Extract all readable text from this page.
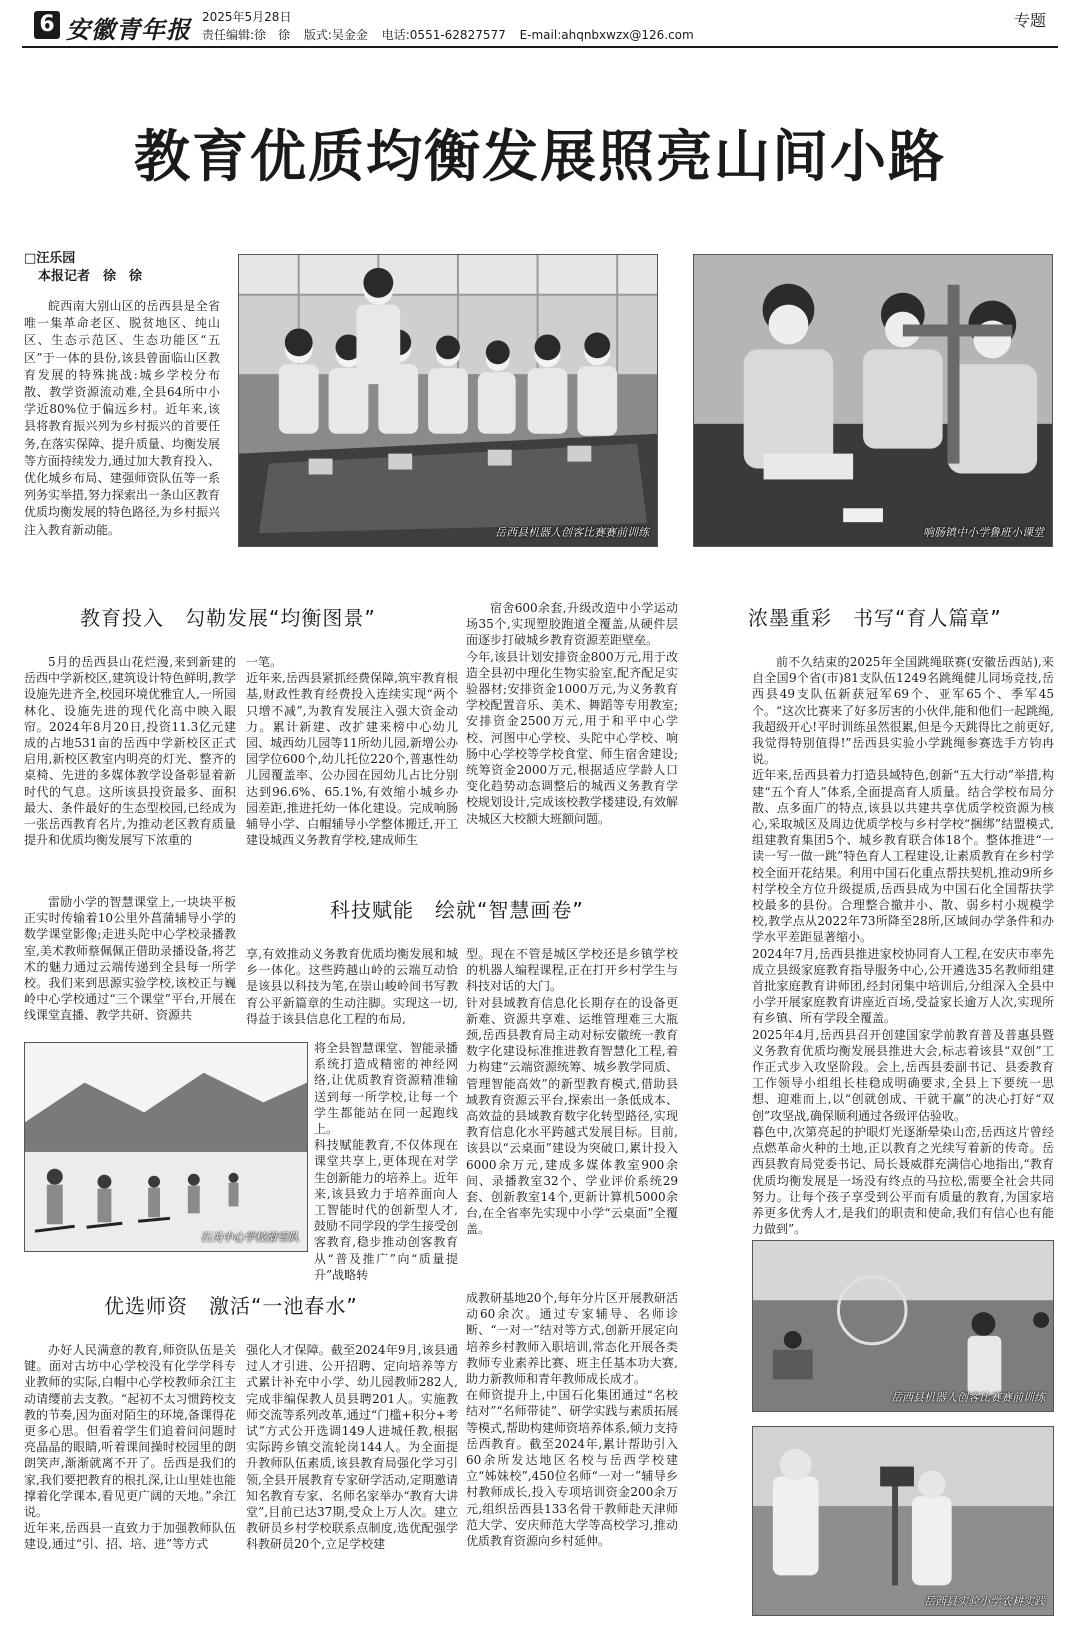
6 安徽青年报 2025年5月28日
责任编辑:徐　徐 版式:吴金金 电话:0551-62827577 E-mail:ahqnbxwzx@126.com
专题
教育优质均衡发展照亮山间小路
□汪乐园
本报记者　徐　徐
皖西南大别山区的岳西县是全省唯一集革命老区、脱贫地区、纯山区、生态示范区、生态功能区“五区”于一体的县份,该县曾面临山区教育发展的特殊挑战:城乡学校分布散、教学资源流动难,全县64所中小学近80%位于偏远乡村。近年来,该县将教育振兴列为乡村振兴的首要任务,在落实保障、提升质量、均衡发展等方面持续发力,通过加大教育投入、优化城乡布局、建强师资队伍等一系列务实举措,努力探索出一条山区教育优质均衡发展的特色路径,为乡村振兴注入教育新动能。	岳西县机器人创客比赛赛前训练	响肠镇中小学鲁班小课堂
教育投入　勾勒发展“均衡图景”

5月的岳西县山花烂漫,来到新建的岳西中学新校区,建筑设计特色鲜明,教学设施先进齐全,校园环境优雅宜人,一所园林化、设施先进的现代化高中映入眼帘。2024年8月20日,投资11.3亿元建成的占地531亩的岳西中学新校区正式启用,新校区教室内明亮的灯光、整齐的桌椅、先进的多媒体教学设备彰显着新时代的气息。这所该县投资最多、面积最大、条件最好的生态型校园,已经成为一张岳西教育名片,为推动老区教育质量提升和优质均衡发展写下浓重的

一笔。
近年来,岳西县紧抓经费保障,筑牢教育根基,财政性教育经费投入连续实现“两个只增不减”,为教育发展注入强大资金动力。累计新建、改扩建来榜中心幼儿园、城西幼儿园等11所幼儿园,新增公办园学位600个,幼儿托位220个,普惠性幼儿园覆盖率、公办园在园幼儿占比分别达到96.6%、65.1%,有效缩小城乡办园差距,推进托幼一体化建设。完成响肠辅导小学、白帽辅导小学整体搬迁,开工建设城西义务教育学校,建成师生
宿舍600余套,升级改造中小学运动场35个,实现塑胶跑道全覆盖,从硬件层面逐步打破城乡教育资源差距壁垒。
今年,该县计划安排资金800万元,用于改造全县初中理化生物实验室,配齐配足实验器材;安排资金1000万元,为义务教育学校配置音乐、美术、舞蹈等专用教室;安排资金2500万元,用于和平中心学校、河图中心学校、头陀中心学校、响肠中心学校等学校食堂、师生宿舍建设;统筹资金2000万元,根据适应学龄人口变化趋势动态调整后的城西义务教育学校规划设计,完成该校教学楼建设,有效解决城区大校额大班额问题。
浓墨重彩　书写“育人篇章”
前不久结束的2025年全国跳绳联赛(安徽岳西站),来自全国9个省(市)81支队伍1249名跳绳健儿同场竞技,岳西县49支队伍新获冠军69个、亚军65个、季军45个。“这次比赛来了好多厉害的小伙伴,能和他们一起跳绳,我超级开心!平时训练虽然很累,但是今天跳得比之前更好,我觉得特别值得!”岳西县实验小学跳绳参赛选手方钧冉说。
近年来,岳西县着力打造县域特色,创新“五大行动”举措,构建“五个育人”体系,全面提高育人质量。结合学校布局分散、点多面广的特点,该县以共建共享优质学校资源为核心,采取城区及周边优质学校与乡村学校“捆绑”结盟模式,组建教育集团5个、城乡教育联合体18个。整体推进“一读一写一做一跳”特色育人工程建设,让素质教育在乡村学校全面开花结果。利用中国石化重点帮扶契机,推动9所乡村学校全方位升级提质,岳西县成为中国石化全国帮扶学校最多的县份。合理整合撤并小、散、弱乡村小规模学校,教学点从2022年73所降至28所,区域间办学条件和办学水平差距显著缩小。
2024年7月,岳西县推进家校协同育人工程,在安庆市率先成立县级家庭教育指导服务中心,公开遴选35名教师组建首批家庭教育讲师团,经封闭集中培训后,分组深入全县中小学开展家庭教育讲座近百场,受益家长逾万人次,实现所有乡镇、所有学段全覆盖。
2025年4月,岳西县召开创建国家学前教育普及普惠县暨义务教育优质均衡发展县推进大会,标志着该县“双创”工作正式步入攻坚阶段。会上,岳西县委副书记、县委教育工作领导小组组长桂稳成明确要求,全县上下要统一思想、迎难而上,以“创就创成、干就干赢”的决心打好“双创”攻坚战,确保顺利通过各级评估验收。
暮色中,次第亮起的护眼灯光逐渐晕染山峦,岳西这片曾经点燃革命火种的土地,正以教育之光续写着新的传奇。岳西县教育局党委书记、局长聂威群充满信心地指出,“教育优质均衡发展是一场没有终点的马拉松,需要全社会共同努力。让每个孩子享受到公平而有质量的教育,为国家培养更多优秀人才,是我们的职责和使命,我们有信心也有能力做到”。
科技赋能　绘就“智慧画卷”

雷励小学的智慧课堂上,一块块平板正实时传输着10公里外菖蒲辅导小学的数学课堂影像;走进头陀中心学校录播教室,美术教师蔡佩佩正借助录播设备,将艺术的魅力通过云端传递到全县每一所学校。我们来到思源实验学校,该校正与巍岭中心学校通过“三个课堂”平台,开展在线课堂直播、教学共研、资源共

享,有效推动义务教育优质均衡发展和城乡一体化。这些跨越山岭的云端互动恰是该县以科技为笔,在崇山峻岭间书写教育公平新篇章的生动注脚。实现这一切,得益于该县信息化工程的布局,
将全县智慧课堂、智能录播系统打造成精密的神经网络,让优质教育资源精准输送到每一所学校,让每一个学生都能站在同一起跑线上。
科技赋能教育,不仅体现在课堂共享上,更体现在对学生创新能力的培养上。近年来,该县致力于培养面向人工智能时代的创新型人才,鼓励不同学段的学生接受创客教育,稳步推动创客教育从“普及推广”向“质量提升”战略转
型。现在不管是城区学校还是乡镇学校的机器人编程课程,正在打开乡村学生与科技对话的大门。
针对县域教育信息化长期存在的设备更新难、资源共享难、运维管理难三大瓶颈,岳西县教育局主动对标安徽统一教育数字化建设标准推进教育智慧化工程,着力构建“云端资源统筹、城乡教学同质、管理智能高效”的新型教育模式,借助县域教育资源云平台,探索出一条低成本、高效益的县域教育数字化转型路径,实现教育信息化水平跨越式发展目标。目前,该县以“云桌面”建设为突破口,累计投入6000余万元,建成多媒体教室900余间、录播教室32个、学业评价系统29套、创新教室14个,更新计算机5000余台,在全省率先实现中小学“云桌面”全覆盖。
石关中心学校滑雪队
优选师资　激活“一池春水”
办好人民满意的教育,师资队伍是关键。面对古坊中心学校没有化学学科专业教师的实际,白帽中心学校教师余江主动请缨前去支教。“起初不太习惯跨校支教的节奏,因为面对陌生的环境,备课得花更多心思。但看着学生们追着问问题时亮晶晶的眼睛,听着课间操时校园里的朗朗笑声,渐渐就离不开了。岳西是我们的家,我们要把教育的根扎深,让山里娃也能撑着化学课本,看见更广阔的天地。”余江说。
近年来,岳西县一直致力于加强教师队伍建设,通过“引、招、培、进”等方式
强化人才保障。截至2024年9月,该县通过人才引进、公开招聘、定向培养等方式累计补充中小学、幼儿园教师282人,完成非编保教人员县聘201人。实施教师交流等系列改革,通过“门槛+积分+考试”方式公开选调149人进城任教,根据实际跨乡镇交流轮岗144人。为全面提升教师队伍素质,该县教育局强化学习引领,全县开展教育专家研学活动,定期邀请知名教育专家、名师名家举办“教育大讲堂”,目前已达37期,受众上万人次。建立教研员乡村学校联系点制度,选优配强学科教研员20个,立足学校建
成教研基地20个,每年分片区开展教研活动60余次。通过专家辅导、名师诊断、“一对一”结对等方式,创新开展定向培养乡村教师入职培训,常态化开展各类教师专业素养比赛、班主任基本功大赛,助力新教师和青年教师成长成才。
在师资提升上,中国石化集团通过“名校结对”“名师带徒”、研学实践与素质拓展等模式,帮助构建师资培养体系,倾力支持岳西教育。截至2024年,累计帮助引入60余所发达地区名校与岳西学校建立“姊妹校”,450位名师“一对一”辅导乡村教师成长,投入专项培训资金200余万元,组织岳西县133名骨干教师赴天津师范大学、安庆师范大学等高校学习,推动优质教育资源向乡村延伸。
岳西县机器人创客比赛赛前训练
岳西县实验小学农耕实践
